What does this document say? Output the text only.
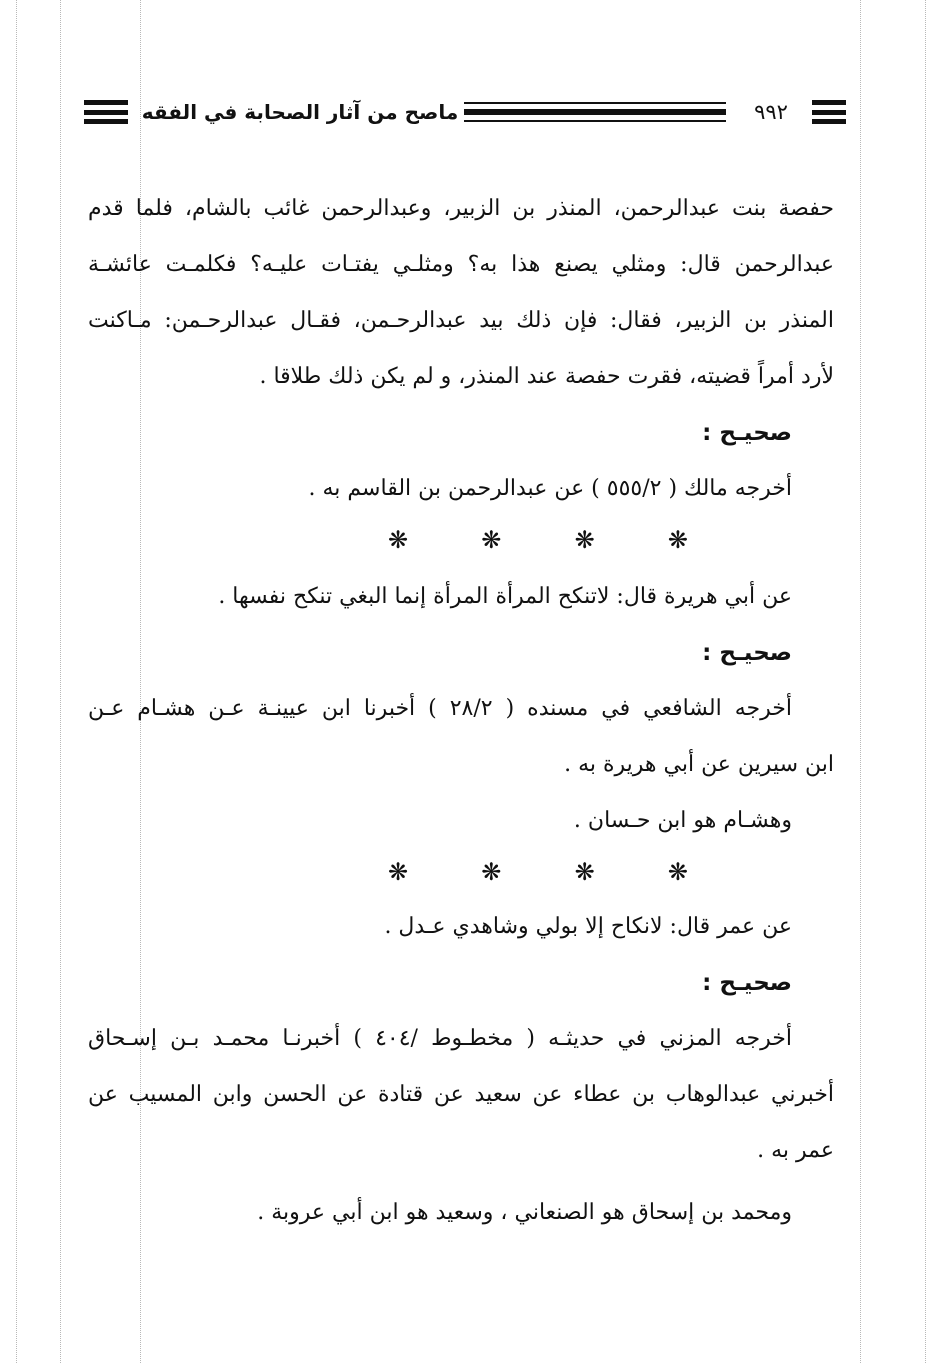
ماصح من آثار الصحابة في الفقه	٩٩٢
حفصة بنت عبدالرحمن، المنذر بن الزبير، وعبدالرحمن غائب بالشام، فلما قدم
عبدالرحمن قال: ومثلي يصنع هذا به؟ ومثلـي يفتـات عليـه؟ فكلمـت عائشـة
المنذر بن الزبير، فقال: فإن ذلك بيد عبدالرحـمن، فقـال عبدالرحـمن: مـاكنت
لأرد أمراً قضيته، فقرت حفصة عند المنذر، و لم يكن ذلك طلاقا .
صحيـح :
أخرجه مالك ( ٥٥٥/٢ ) عن عبدالرحمن بن القاسم به .
❋
❋
❋
❋
عن أبي هريرة قال: لاتنكح المرأة المرأة إنما البغي تنكح نفسها .
صحيـح :
أخرجه الشافعي في مسنده ( ٢٨/٢ ) أخبرنا ابن عيينـة عـن هشـام عـن
ابن سيرين عن أبي هريرة به .
وهشـام هو ابن حـسان .
❋
❋
❋
❋
عن عمر قال: لانكاح إلا بولي وشاهدي عـدل .
صحيـح :
أخرجه المزني في حديثـه ( مخطـوط /٤٠٤ ) أخبرنـا محمـد بـن إسـحاق
أخبرني عبدالوهاب بن عطاء عن سعيد عن قتادة عن الحسن وابن المسيب عن
عمر به .
ومحمد بن إسحاق هو الصنعاني ، وسعيد هو ابن أبي عروبة .
